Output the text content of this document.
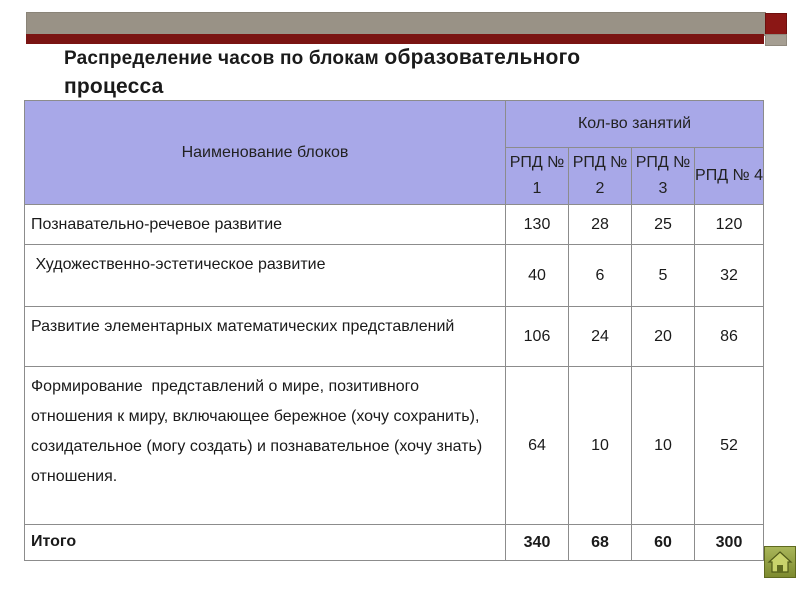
Распределение часов по блокам образовательного
процесса
Наименование блоков	Кол-во занятий			
	РПД № 1	РПД № 2	РПД № 3	РПД № 4
Познавательно-речевое развитие	130	28	25	120
Художественно-эстетическое развитие	40	6	5	32
Развитие элементарных математических представлений	106	24	20	86
Формирование  представлений о мире, позитивного отношения к миру, включающее бережное (хочу сохранить), созидательное (могу создать) и познавательное (хочу знать) отношения.	64	10	10	52
Итого	340	68	60	300
